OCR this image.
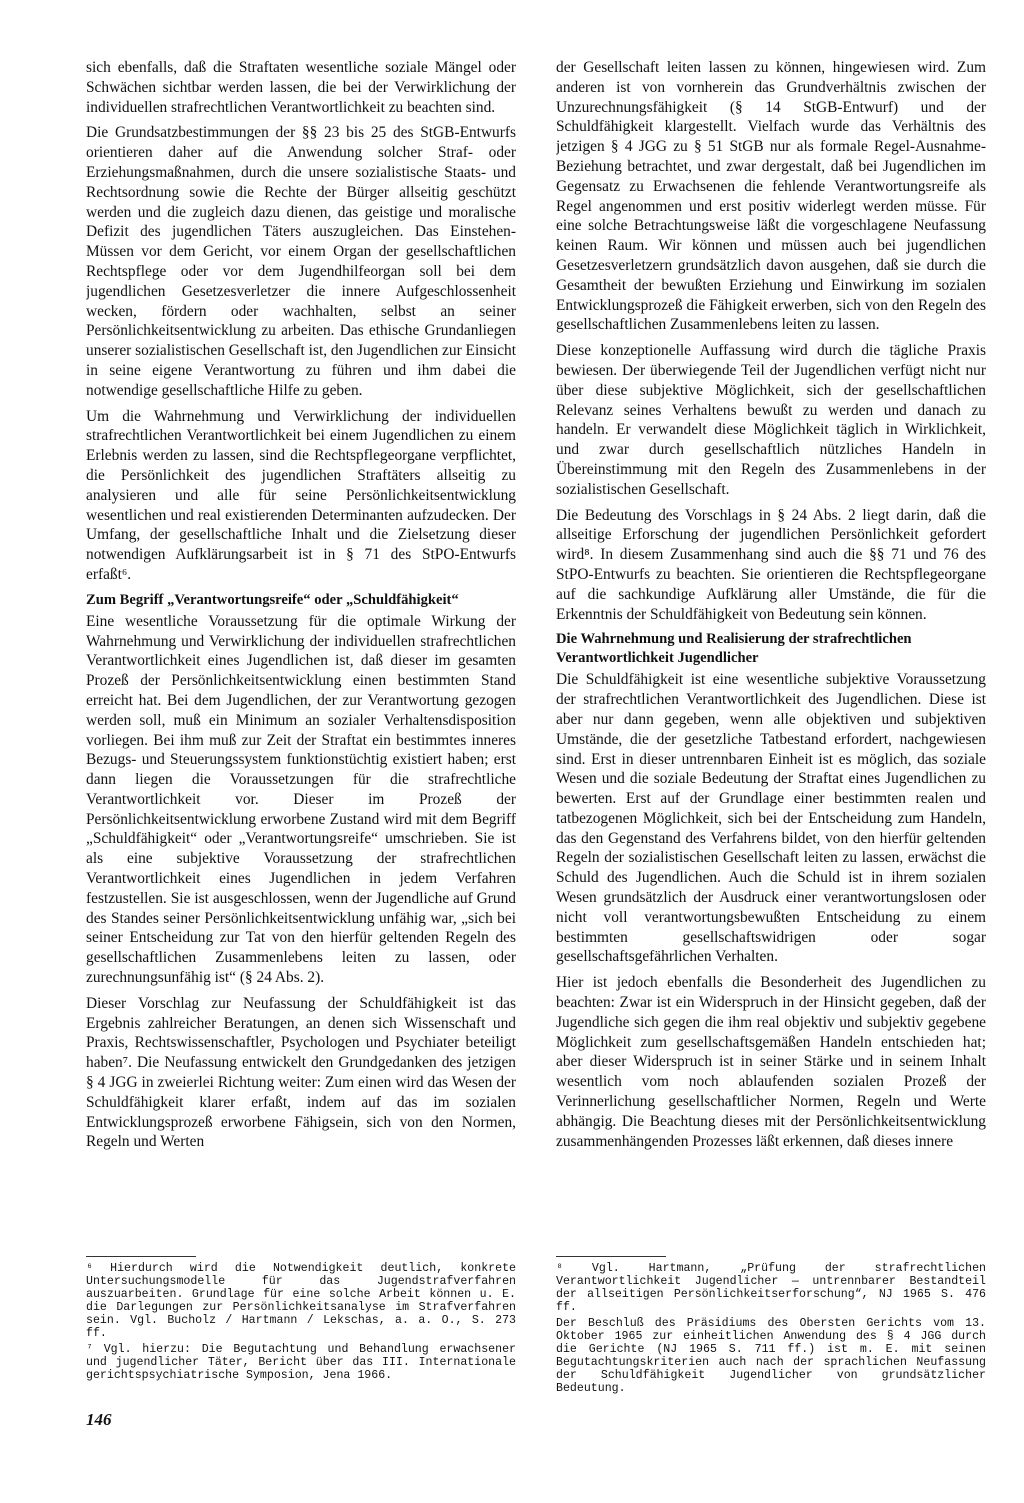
sich ebenfalls, daß die Straftaten wesentliche soziale Mängel oder Schwächen sichtbar werden lassen, die bei der Verwirklichung der individuellen strafrechtlichen Verantwortlichkeit zu beachten sind.

Die Grundsatzbestimmungen der §§ 23 bis 25 des StGB-Entwurfs orientieren daher auf die Anwendung solcher Straf- oder Erziehungsmaßnahmen, durch die unsere sozialistische Staats- und Rechtsordnung sowie die Rechte der Bürger allseitig geschützt werden und die zugleich dazu dienen, das geistige und moralische Defizit des jugendlichen Täters auszugleichen. Das Einstehen-Müssen vor dem Gericht, vor einem Organ der gesellschaftlichen Rechtspflege oder vor dem Jugendhilfeorgan soll bei dem jugendlichen Gesetzesverletzer die innere Aufgeschlossenheit wecken, fördern oder wachhalten, selbst an seiner Persönlichkeitsentwicklung zu arbeiten. Das ethische Grundanliegen unserer sozialistischen Gesellschaft ist, den Jugendlichen zur Einsicht in seine eigene Verantwortung zu führen und ihm dabei die notwendige gesellschaftliche Hilfe zu geben.

Um die Wahrnehmung und Verwirklichung der individuellen strafrechtlichen Verantwortlichkeit bei einem Jugendlichen zu einem Erlebnis werden zu lassen, sind die Rechtspflegeorgane verpflichtet, die Persönlichkeit des jugendlichen Straftäters allseitig zu analysieren und alle für seine Persönlichkeitsentwicklung wesentlichen und real existierenden Determinanten aufzudecken. Der Umfang, der gesellschaftliche Inhalt und die Zielsetzung dieser notwendigen Aufklärungsarbeit ist in § 71 des StPO-Entwurfs erfaßt⁶.

Zum Begriff „Verantwortungsreife“ oder „Schuldfähigkeit“

Eine wesentliche Voraussetzung für die optimale Wirkung der Wahrnehmung und Verwirklichung der individuellen strafrechtlichen Verantwortlichkeit eines Jugendlichen ist, daß dieser im gesamten Prozeß der Persönlichkeitsentwicklung einen bestimmten Stand erreicht hat. Bei dem Jugendlichen, der zur Verantwortung gezogen werden soll, muß ein Minimum an sozialer Verhaltensdisposition vorliegen. Bei ihm muß zur Zeit der Straftat ein bestimmtes inneres Bezugs- und Steuerungssystem funktionstüchtig existiert haben; erst dann liegen die Voraussetzungen für die strafrechtliche Verantwortlichkeit vor. Dieser im Prozeß der Persönlichkeitsentwicklung erworbene Zustand wird mit dem Begriff „Schuldfähigkeit“ oder „Verantwortungsreife“ umschrieben. Sie ist als eine subjektive Voraussetzung der strafrechtlichen Verantwortlichkeit eines Jugendlichen in jedem Verfahren festzustellen. Sie ist ausgeschlossen, wenn der Jugendliche auf Grund des Standes seiner Persönlichkeitsentwicklung unfähig war, „sich bei seiner Entscheidung zur Tat von den hierfür geltenden Regeln des gesellschaftlichen Zusammenlebens leiten zu lassen, oder zurechnungsunfähig ist“ (§ 24 Abs. 2).

Dieser Vorschlag zur Neufassung der Schuldfähigkeit ist das Ergebnis zahlreicher Beratungen, an denen sich Wissenschaft und Praxis, Rechtswissenschaftler, Psychologen und Psychiater beteiligt haben⁷. Die Neufassung entwickelt den Grundgedanken des jetzigen § 4 JGG in zweierlei Richtung weiter: Zum einen wird das Wesen der Schuldfähigkeit klarer erfaßt, indem auf das im sozialen Entwicklungsprozeß erworbene Fähigsein, sich von den Normen, Regeln und Werten

der Gesellschaft leiten lassen zu können, hingewiesen wird. Zum anderen ist von vornherein das Grundverhältnis zwischen der Unzurechnungsfähigkeit (§ 14 StGB-Entwurf) und der Schuldfähigkeit klargestellt. Vielfach wurde das Verhältnis des jetzigen § 4 JGG zu § 51 StGB nur als formale Regel-Ausnahme-Beziehung betrachtet, und zwar dergestalt, daß bei Jugendlichen im Gegensatz zu Erwachsenen die fehlende Verantwortungsreife als Regel angenommen und erst positiv widerlegt werden müsse. Für eine solche Betrachtungsweise läßt die vorgeschlagene Neufassung keinen Raum. Wir können und müssen auch bei jugendlichen Gesetzesverletzern grundsätzlich davon ausgehen, daß sie durch die Gesamtheit der bewußten Erziehung und Einwirkung im sozialen Entwicklungsprozeß die Fähigkeit erwerben, sich von den Regeln des gesellschaftlichen Zusammenlebens leiten zu lassen.

Diese konzeptionelle Auffassung wird durch die tägliche Praxis bewiesen. Der überwiegende Teil der Jugendlichen verfügt nicht nur über diese subjektive Möglichkeit, sich der gesellschaftlichen Relevanz seines Verhaltens bewußt zu werden und danach zu handeln. Er verwandelt diese Möglichkeit täglich in Wirklichkeit, und zwar durch gesellschaftlich nützliches Handeln in Übereinstimmung mit den Regeln des Zusammenlebens in der sozialistischen Gesellschaft.

Die Bedeutung des Vorschlags in § 24 Abs. 2 liegt darin, daß die allseitige Erforschung der jugendlichen Persönlichkeit gefordert wird⁸. In diesem Zusammenhang sind auch die §§ 71 und 76 des StPO-Entwurfs zu beachten. Sie orientieren die Rechtspflegeorgane auf die sachkundige Aufklärung aller Umstände, die für die Erkenntnis der Schuldfähigkeit von Bedeutung sein können.

Die Wahrnehmung und Realisierung der strafrechtlichen Verantwortlichkeit Jugendlicher

Die Schuldfähigkeit ist eine wesentliche subjektive Voraussetzung der strafrechtlichen Verantwortlichkeit des Jugendlichen. Diese ist aber nur dann gegeben, wenn alle objektiven und subjektiven Umstände, die der gesetzliche Tatbestand erfordert, nachgewiesen sind. Erst in dieser untrennbaren Einheit ist es möglich, das soziale Wesen und die soziale Bedeutung der Straftat eines Jugendlichen zu bewerten. Erst auf der Grundlage einer bestimmten realen und tatbezogenen Möglichkeit, sich bei der Entscheidung zum Handeln, das den Gegenstand des Verfahrens bildet, von den hierfür geltenden Regeln der sozialistischen Gesellschaft leiten zu lassen, erwächst die Schuld des Jugendlichen. Auch die Schuld ist in ihrem sozialen Wesen grundsätzlich der Ausdruck einer verantwortungslosen oder nicht voll verantwortungsbewußten Entscheidung zu einem bestimmten gesellschaftswidrigen oder sogar gesellschaftsgefährlichen Verhalten.

Hier ist jedoch ebenfalls die Besonderheit des Jugendlichen zu beachten: Zwar ist ein Widerspruch in der Hinsicht gegeben, daß der Jugendliche sich gegen die ihm real objektiv und subjektiv gegebene Möglichkeit zum gesellschaftsgemäßen Handeln entschieden hat; aber dieser Widerspruch ist in seiner Stärke und in seinem Inhalt wesentlich vom noch ablaufenden sozialen Prozeß der Verinnerlichung gesellschaftlicher Normen, Regeln und Werte abhängig. Die Beachtung dieses mit der Persönlichkeitsentwicklung zusammenhängenden Prozesses läßt erkennen, daß dieses innere

⁶ Hierdurch wird die Notwendigkeit deutlich, konkrete Untersuchungsmodelle für das Jugendstrafverfahren auszuarbeiten. Grundlage für eine solche Arbeit können u. E. die Darlegungen zur Persönlichkeitsanalyse im Strafverfahren sein. Vgl. Bucholz / Hartmann / Lekschas, a. a. O., S. 273 ff.

⁷ Vgl. hierzu: Die Begutachtung und Behandlung erwachsener und jugendlicher Täter, Bericht über das III. Internationale gerichtspsychiatrische Symposion, Jena 1966.

⁸ Vgl. Hartmann, „Prüfung der strafrechtlichen Verantwortlichkeit Jugendlicher — untrennbarer Bestandteil der allseitigen Persönlichkeitserforschung“, NJ 1965 S. 476 ff.

Der Beschluß des Präsidiums des Obersten Gerichts vom 13. Oktober 1965 zur einheitlichen Anwendung des § 4 JGG durch die Gerichte (NJ 1965 S. 711 ff.) ist m. E. mit seinen Begutachtungskriterien auch nach der sprachlichen Neufassung der Schuldfähigkeit Jugendlicher von grundsätzlicher Bedeutung.

146
